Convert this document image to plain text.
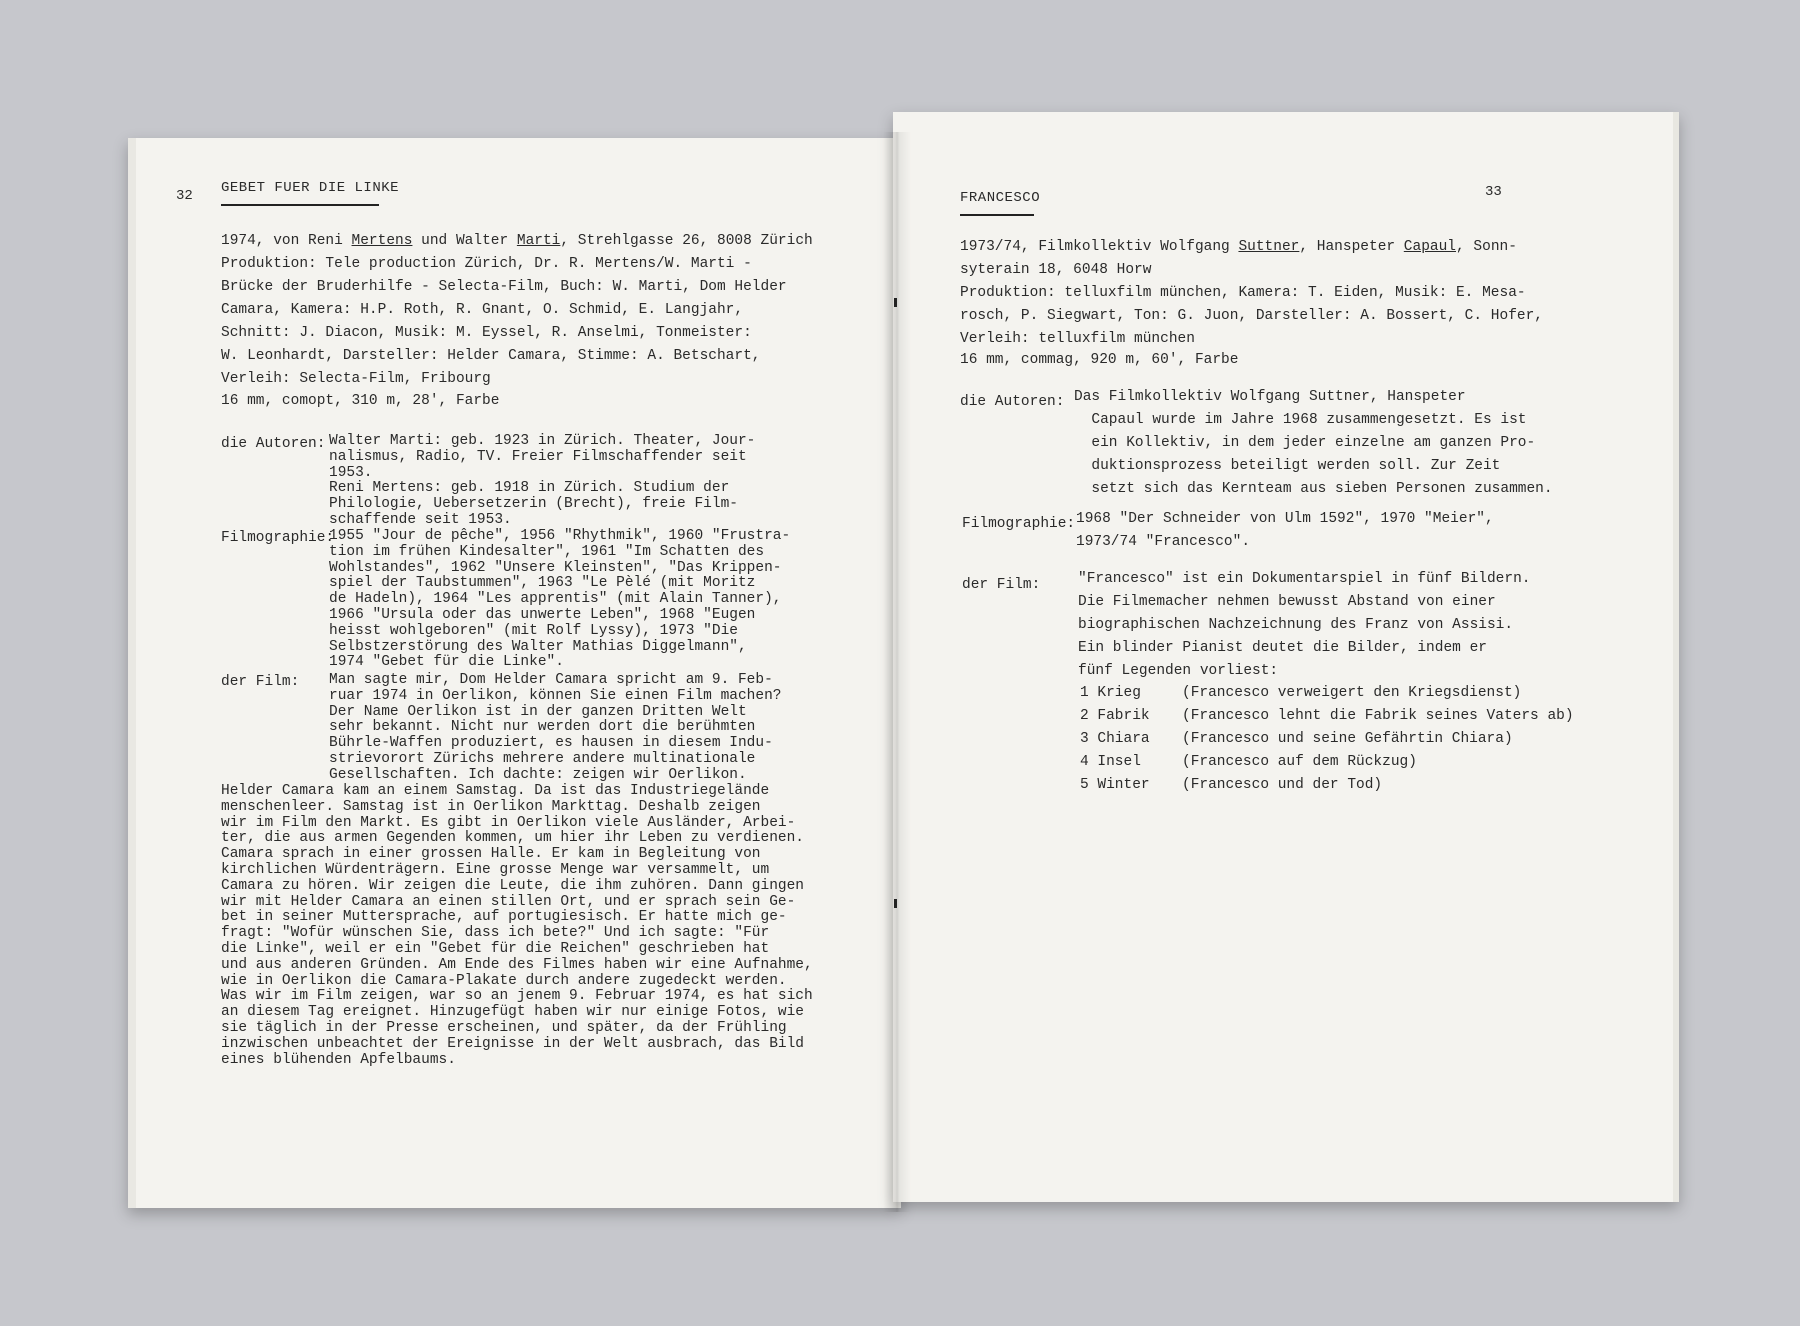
32 GEBET FUER DIE LINKE
1974, von Reni Mertens und Walter Marti, Strehlgasse 26, 8008 Zürich
Produktion: Tele production Zürich, Dr. R. Mertens/W. Marti -
Brücke der Bruderhilfe - Selecta-Film, Buch: W. Marti, Dom Helder
Camara, Kamera: H.P. Roth, R. Gnant, O. Schmid, E. Langjahr,
Schnitt: J. Diacon, Musik: M. Eyssel, R. Anselmi, Tonmeister:
W. Leonhardt, Darsteller: Helder Camara, Stimme: A. Betschart,
Verleih: Selecta-Film, Fribourg
16 mm, comopt, 310 m, 28', Farbe
die Autoren: Walter Marti: geb. 1923 in Zürich. Theater, Jour-
nalismus, Radio, TV. Freier Filmschaffender seit
1953.
Reni Mertens: geb. 1918 in Zürich. Studium der
Philologie, Uebersetzerin (Brecht), freie Film-
schaffende seit 1953.
Filmographie:
1955 "Jour de pêche", 1956 "Rhythmik", 1960 "Frustra-
tion im frühen Kindesalter", 1961 "Im Schatten des
Wohlstandes", 1962 "Unsere Kleinsten", "Das Krippen-
spiel der Taubstummen", 1963 "Le Pèlé (mit Moritz
de Hadeln), 1964 "Les apprentis" (mit Alain Tanner),
1966 "Ursula oder das unwerte Leben", 1968 "Eugen
heisst wohlgeboren" (mit Rolf Lyssy), 1973 "Die
Selbstzerstörung des Walter Mathias Diggelmann",
1974 "Gebet für die Linke".
der Film: Man sagte mir, Dom Helder Camara spricht am 9. Feb-
ruar 1974 in Oerlikon, können Sie einen Film machen?
Der Name Oerlikon ist in der ganzen Dritten Welt
sehr bekannt. Nicht nur werden dort die berühmten
Bührle-Waffen produziert, es hausen in diesem Indu-
strievorort Zürichs mehrere andere multinationale
Gesellschaften. Ich dachte: zeigen wir Oerlikon.
Helder Camara kam an einem Samstag. Da ist das Industriegelände
menschenleer. Samstag ist in Oerlikon Markttag. Deshalb zeigen
wir im Film den Markt. Es gibt in Oerlikon viele Ausländer, Arbei-
ter, die aus armen Gegenden kommen, um hier ihr Leben zu verdienen.
Camara sprach in einer grossen Halle. Er kam in Begleitung von
kirchlichen Würdenträgern. Eine grosse Menge war versammelt, um
Camara zu hören. Wir zeigen die Leute, die ihm zuhören. Dann gingen
wir mit Helder Camara an einen stillen Ort, und er sprach sein Ge-
bet in seiner Muttersprache, auf portugiesisch. Er hatte mich ge-
fragt: "Wofür wünschen Sie, dass ich bete?" Und ich sagte: "Für
die Linke", weil er ein "Gebet für die Reichen" geschrieben hat
und aus anderen Gründen. Am Ende des Filmes haben wir eine Aufnahme,
wie in Oerlikon die Camara-Plakate durch andere zugedeckt werden.
Was wir im Film zeigen, war so an jenem 9. Februar 1974, es hat sich
an diesem Tag ereignet. Hinzugefügt haben wir nur einige Fotos, wie
sie täglich in der Presse erscheinen, und später, da der Frühling
inzwischen unbeachtet der Ereignisse in der Welt ausbrach, das Bild
eines blühenden Apfelbaums.
33
FRANCESCO
1973/74, Filmkollektiv Wolfgang Suttner, Hanspeter Capaul, Sonn-
syterain 18, 6048 Horw
Produktion: telluxfilm münchen, Kamera: T. Eiden, Musik: E. Mesa-
rosch, P. Siegwart, Ton: G. Juon, Darsteller: A. Bossert, C. Hofer,
Verleih: telluxfilm münchen
16 mm, commag, 920 m, 60', Farbe
die Autoren: Das Filmkollektiv Wolfgang Suttner, Hanspeter
Capaul wurde im Jahre 1968 zusammengesetzt. Es ist
ein Kollektiv, in dem jeder einzelne am ganzen Pro-
duktionsprozess beteiligt werden soll. Zur Zeit
setzt sich das Kernteam aus sieben Personen zusammen.
Filmographie: 1968 "Der Schneider von Ulm 1592", 1970 "Meier",
1973/74 "Francesco".
der Film:	"Francesco" ist ein Dokumentarspiel in fünf Bildern.
Die Filmemacher nehmen bewusst Abstand von einer
biographischen Nachzeichnung des Franz von Assisi.
Ein blinder Pianist deutet die Bilder, indem er
fünf Legenden vorliest:
1 Krieg	(Francesco verweigert den Kriegsdienst)
2 Fabrik (Francesco lehnt die Fabrik seines Vaters ab)
3 Chiara (Francesco und seine Gefährtin Chiara)
4 Insel	(Francesco auf dem Rückzug)
5 Winter (Francesco und der Tod)
